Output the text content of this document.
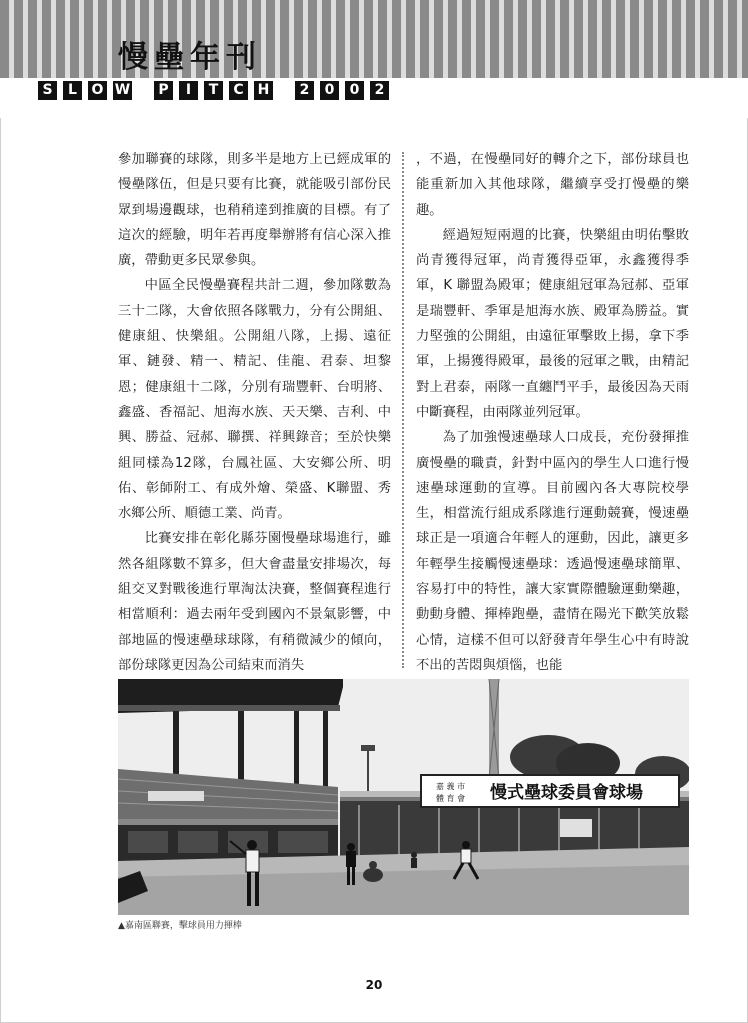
慢壘年刊
S	L	O W	P	I	T	C	H	2	0	0	2

參加聯賽的球隊，則多半是地方上已經成軍的慢壘隊伍，但是只要有比賽，就能吸引部份民眾到場邊觀球，也稍稍達到推廣的目標。有了這次的經驗，明年若再度舉辦將有信心深入推廣，帶動更多民眾參與。

中區全民慢壘賽程共計二週，參加隊數為三十二隊，大會依照各隊戰力，分有公開組、健康組、快樂組。公開組八隊，上揚、遠征軍、鏈發、精一、精記、佳龍、君泰、坦黎恩；健康組十二隊，分別有瑞豐軒、台明將、鑫盛、香福記、旭海水族、天天樂、吉利、中興、勝益、冠郝、聯撰、祥興錄音；至於快樂組同樣為12隊，台鳳社區、大安鄉公所、明佑、彰師附工、有成外燴、榮盛、K聯盟、秀水鄉公所、順德工業、尚青。

比賽安排在彰化縣芬園慢壘球場進行，雖然各組隊數不算多，但大會盡量安排場次，每組交叉對戰後進行單淘汰決賽，整個賽程進行相當順利：過去兩年受到國內不景氣影響，中部地區的慢速壘球球隊，有稍微減少的傾向，部份球隊更因為公司結束而消失

，不過，在慢壘同好的轉介之下，部份球員也能重新加入其他球隊，繼續享受打慢壘的樂趣。

經過短短兩週的比賽，快樂組由明佑擊敗尚青獲得冠軍，尚青獲得亞軍，永鑫獲得季軍，K 聯盟為殿軍；健康組冠軍為冠郝、亞軍是瑞豐軒、季軍是旭海水族、殿軍為勝益。實力堅強的公開組，由遠征軍擊敗上揚，拿下季軍，上揚獲得殿軍，最後的冠軍之戰，由精記對上君泰，兩隊一直纏鬥平手，最後因為天雨中斷賽程，由兩隊並列冠軍。

為了加強慢速壘球人口成長，充份發揮推廣慢壘的職責，針對中區內的學生人口進行慢速壘球運動的宣導。目前國內各大專院校學生，相當流行組成系隊進行運動競賽，慢速壘球正是一項適合年輕人的運動，因此，讓更多年輕學生接觸慢速壘球：透過慢速壘球簡單、容易打中的特性，讓大家實際體驗運動樂趣，動動身體、揮棒跑壘，盡情在陽光下歡笑放鬆心情，這樣不但可以舒發青年學生心中有時說不出的苦悶與煩惱，也能

嘉 義 市
體 育 會 慢式壘球委員會球場
▲嘉南區聯賽，擊球員用力揮棒
20
